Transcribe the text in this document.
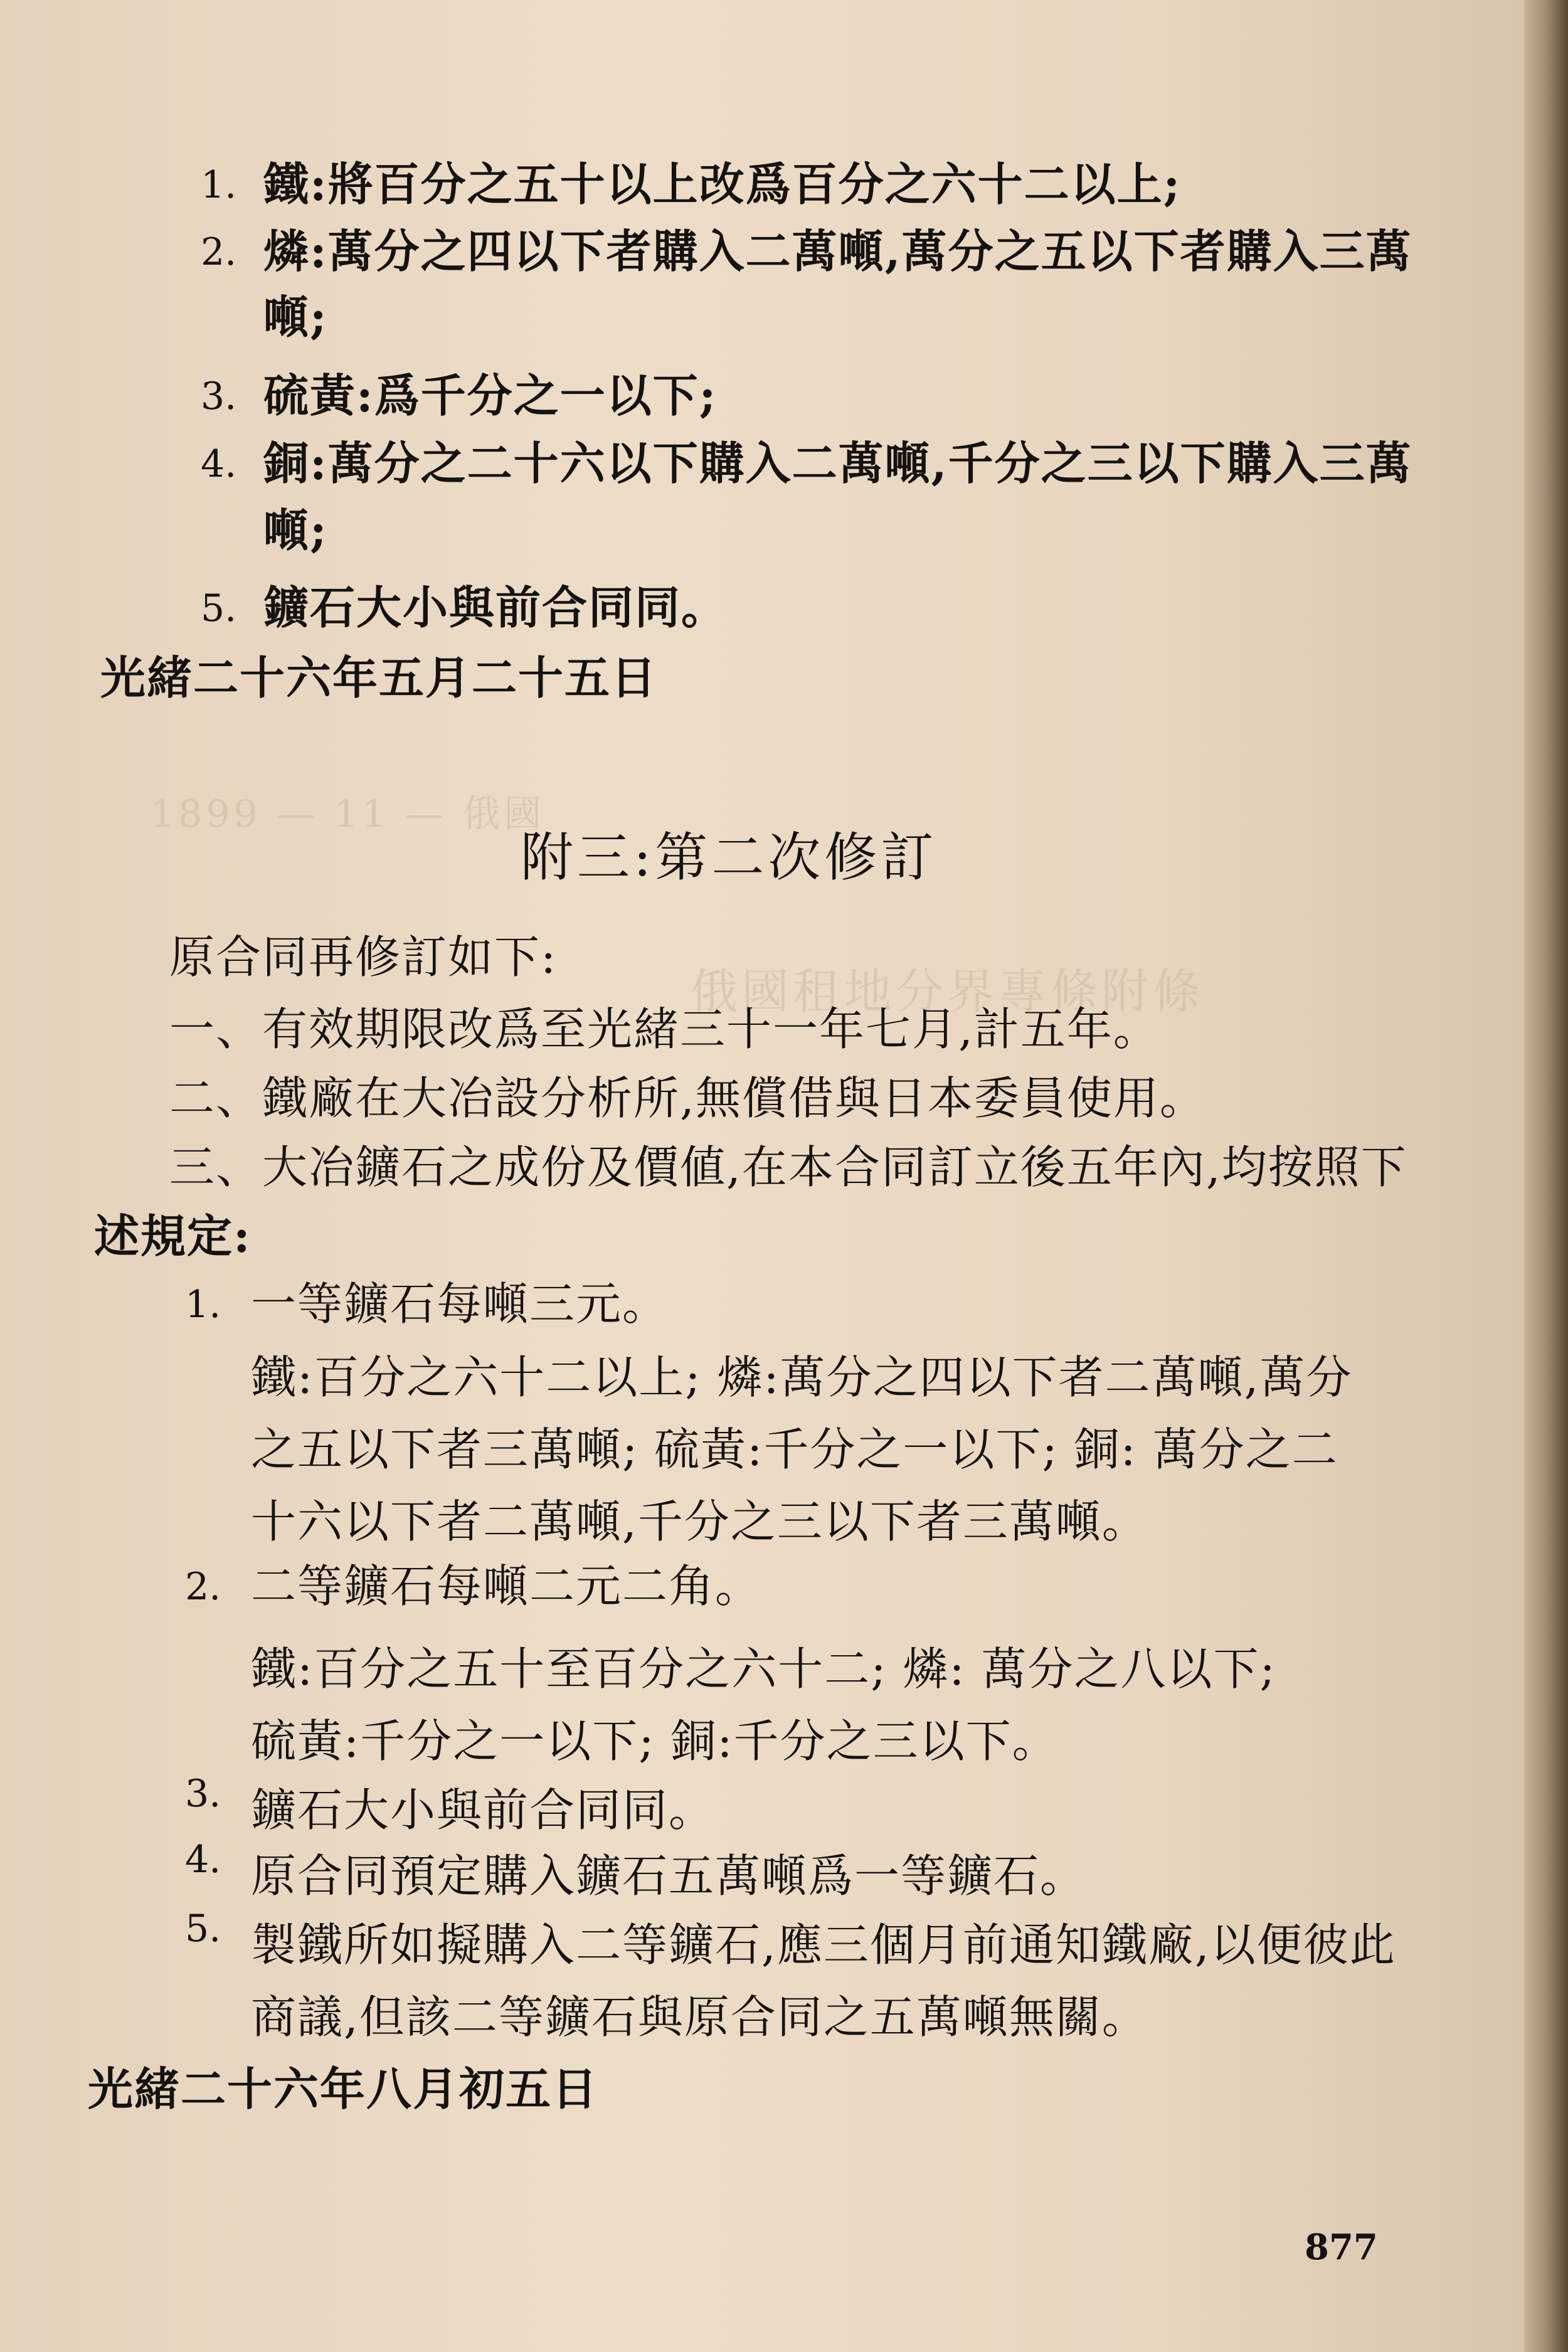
1899 — 11 — 俄國
俄國租地分界專條附條
1. 鐵:將百分之五十以上改爲百分之六十二以上;
2. 燐:萬分之四以下者購入二萬噸,萬分之五以下者購入三萬
噸;
3. 硫黃:爲千分之一以下;
4. 銅:萬分之二十六以下購入二萬噸,千分之三以下購入三萬
噸;
5. 鑛石大小與前合同同。
光緒二十六年五月二十五日
附三:第二次修訂
原合同再修訂如下:
一、有效期限改爲至光緒三十一年七月,計五年。
二、鐵廠在大冶設分析所,無償借與日本委員使用。
三、大冶鑛石之成份及價値,在本合同訂立後五年內,均按照下
述規定:
1. 一等鑛石每噸三元。
鐵:百分之六十二以上; 燐:萬分之四以下者二萬噸,萬分
之五以下者三萬噸; 硫黃:千分之一以下; 銅: 萬分之二
十六以下者二萬噸,千分之三以下者三萬噸。
2. 二等鑛石每噸二元二角。
鐵:百分之五十至百分之六十二; 燐: 萬分之八以下;
硫黃:千分之一以下; 銅:千分之三以下。
3. 鑛石大小與前合同同。
4. 原合同預定購入鑛石五萬噸爲一等鑛石。
5. 製鐵所如擬購入二等鑛石,應三個月前通知鐵廠,以便彼此
商議,但該二等鑛石與原合同之五萬噸無關。
光緒二十六年八月初五日
877
